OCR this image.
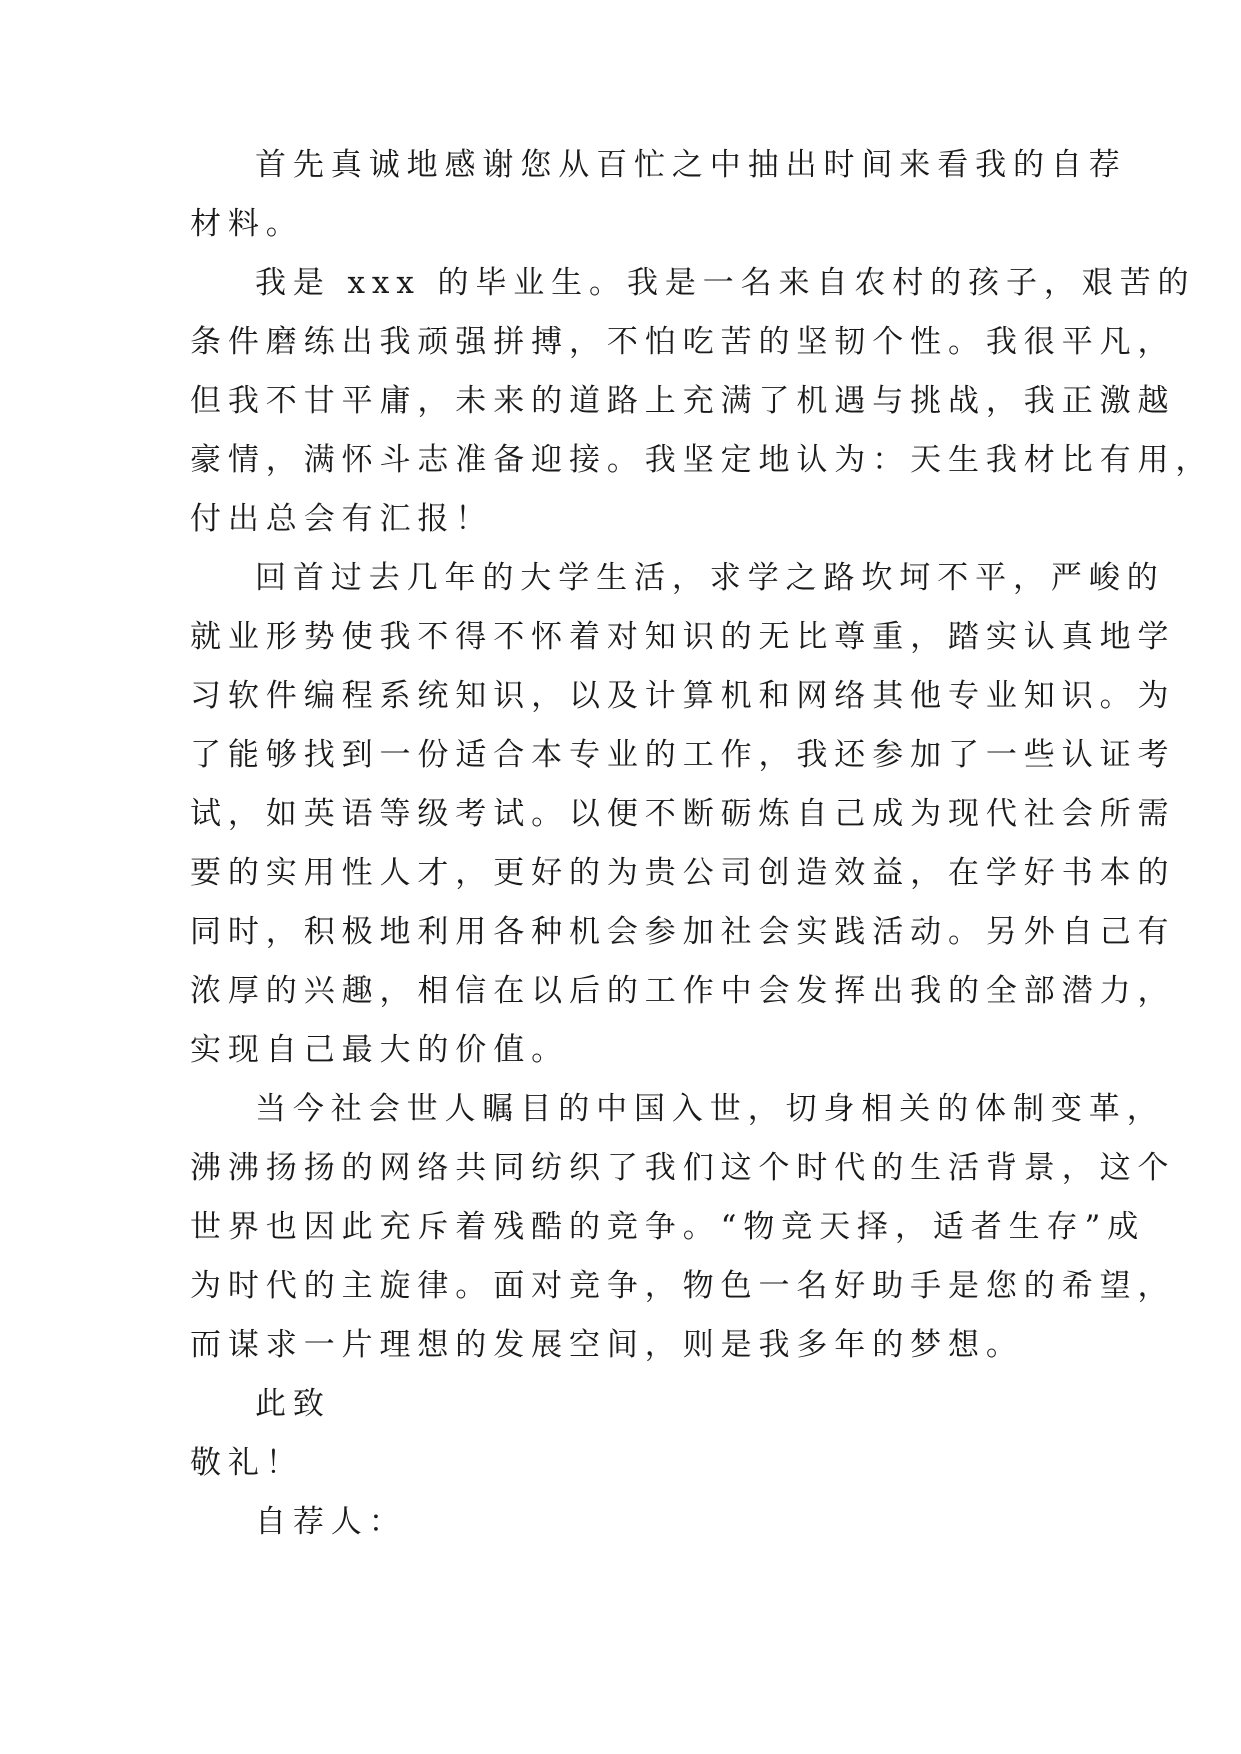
首先真诚地感谢您从百忙之中抽出时间来看我的自荐
材料。
我是 xxx 的毕业生。我是一名来自农村的孩子，艰苦的
条件磨练出我顽强拼搏，不怕吃苦的坚韧个性。我很平凡，
但我不甘平庸，未来的道路上充满了机遇与挑战，我正激越
豪情，满怀斗志准备迎接。我坚定地认为：天生我材比有用，
付出总会有汇报！
回首过去几年的大学生活，求学之路坎坷不平，严峻的
就业形势使我不得不怀着对知识的无比尊重，踏实认真地学
习软件编程系统知识，以及计算机和网络其他专业知识。为
了能够找到一份适合本专业的工作，我还参加了一些认证考
试，如英语等级考试。以便不断砺炼自己成为现代社会所需
要的实用性人才，更好的为贵公司创造效益，在学好书本的
同时，积极地利用各种机会参加社会实践活动。另外自己有
浓厚的兴趣，相信在以后的工作中会发挥出我的全部潜力，
实现自己最大的价值。
当今社会世人瞩目的中国入世，切身相关的体制变革，
沸沸扬扬的网络共同纺织了我们这个时代的生活背景，这个
世界也因此充斥着残酷的竞争。“物竞天择，适者生存”成
为时代的主旋律。面对竞争，物色一名好助手是您的希望，
而谋求一片理想的发展空间，则是我多年的梦想。
此致
敬礼！
自荐人：
